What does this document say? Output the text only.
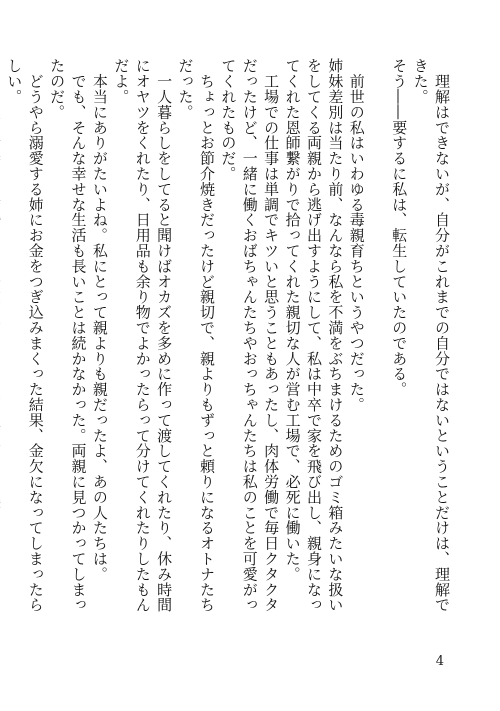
　理解はできないが、自分がこれまでの自分ではないということだけは、理解できた。

そう――要するに私は、転生していたのである。

　前世の私はいわゆる毒親育ちというやつだった。

姉妹差別は当たり前、なんなら私を不満をぶちまけるためのゴミ箱みたいな扱いをしてくる両親から逃げ出すようにして、私は中卒で家を飛び出し、親身になってくれた恩師繋がりで拾ってくれた親切な人が営む工場で、必死に働いた。

　工場での仕事は単調でキツいと思うこともあったし、肉体労働で毎日クタクタだったけど、一緒に働くおばちゃんたちやおっちゃんたちは私のことを可愛がってくれたものだ。

　ちょっとお節介焼きだったけど親切で、親よりもずっと頼りになるオトナたちだった。

　一人暮らしをしてると聞けばオカズを多めに作って渡してくれたり、休み時間にオヤツをくれたり、日用品も余り物でよかったらって分けてくれたりしたもんだよ。

　本当にありがたいよね。私にとって親よりも親だったよ、あの人たちは。

　でも、そんな幸せな生活も長いことは続かなかった。両親に見つかってしまったのだ。

　どうやら溺愛する姉にお金をつぎ込みまくった結果、金欠になってしまったらしい。

4
